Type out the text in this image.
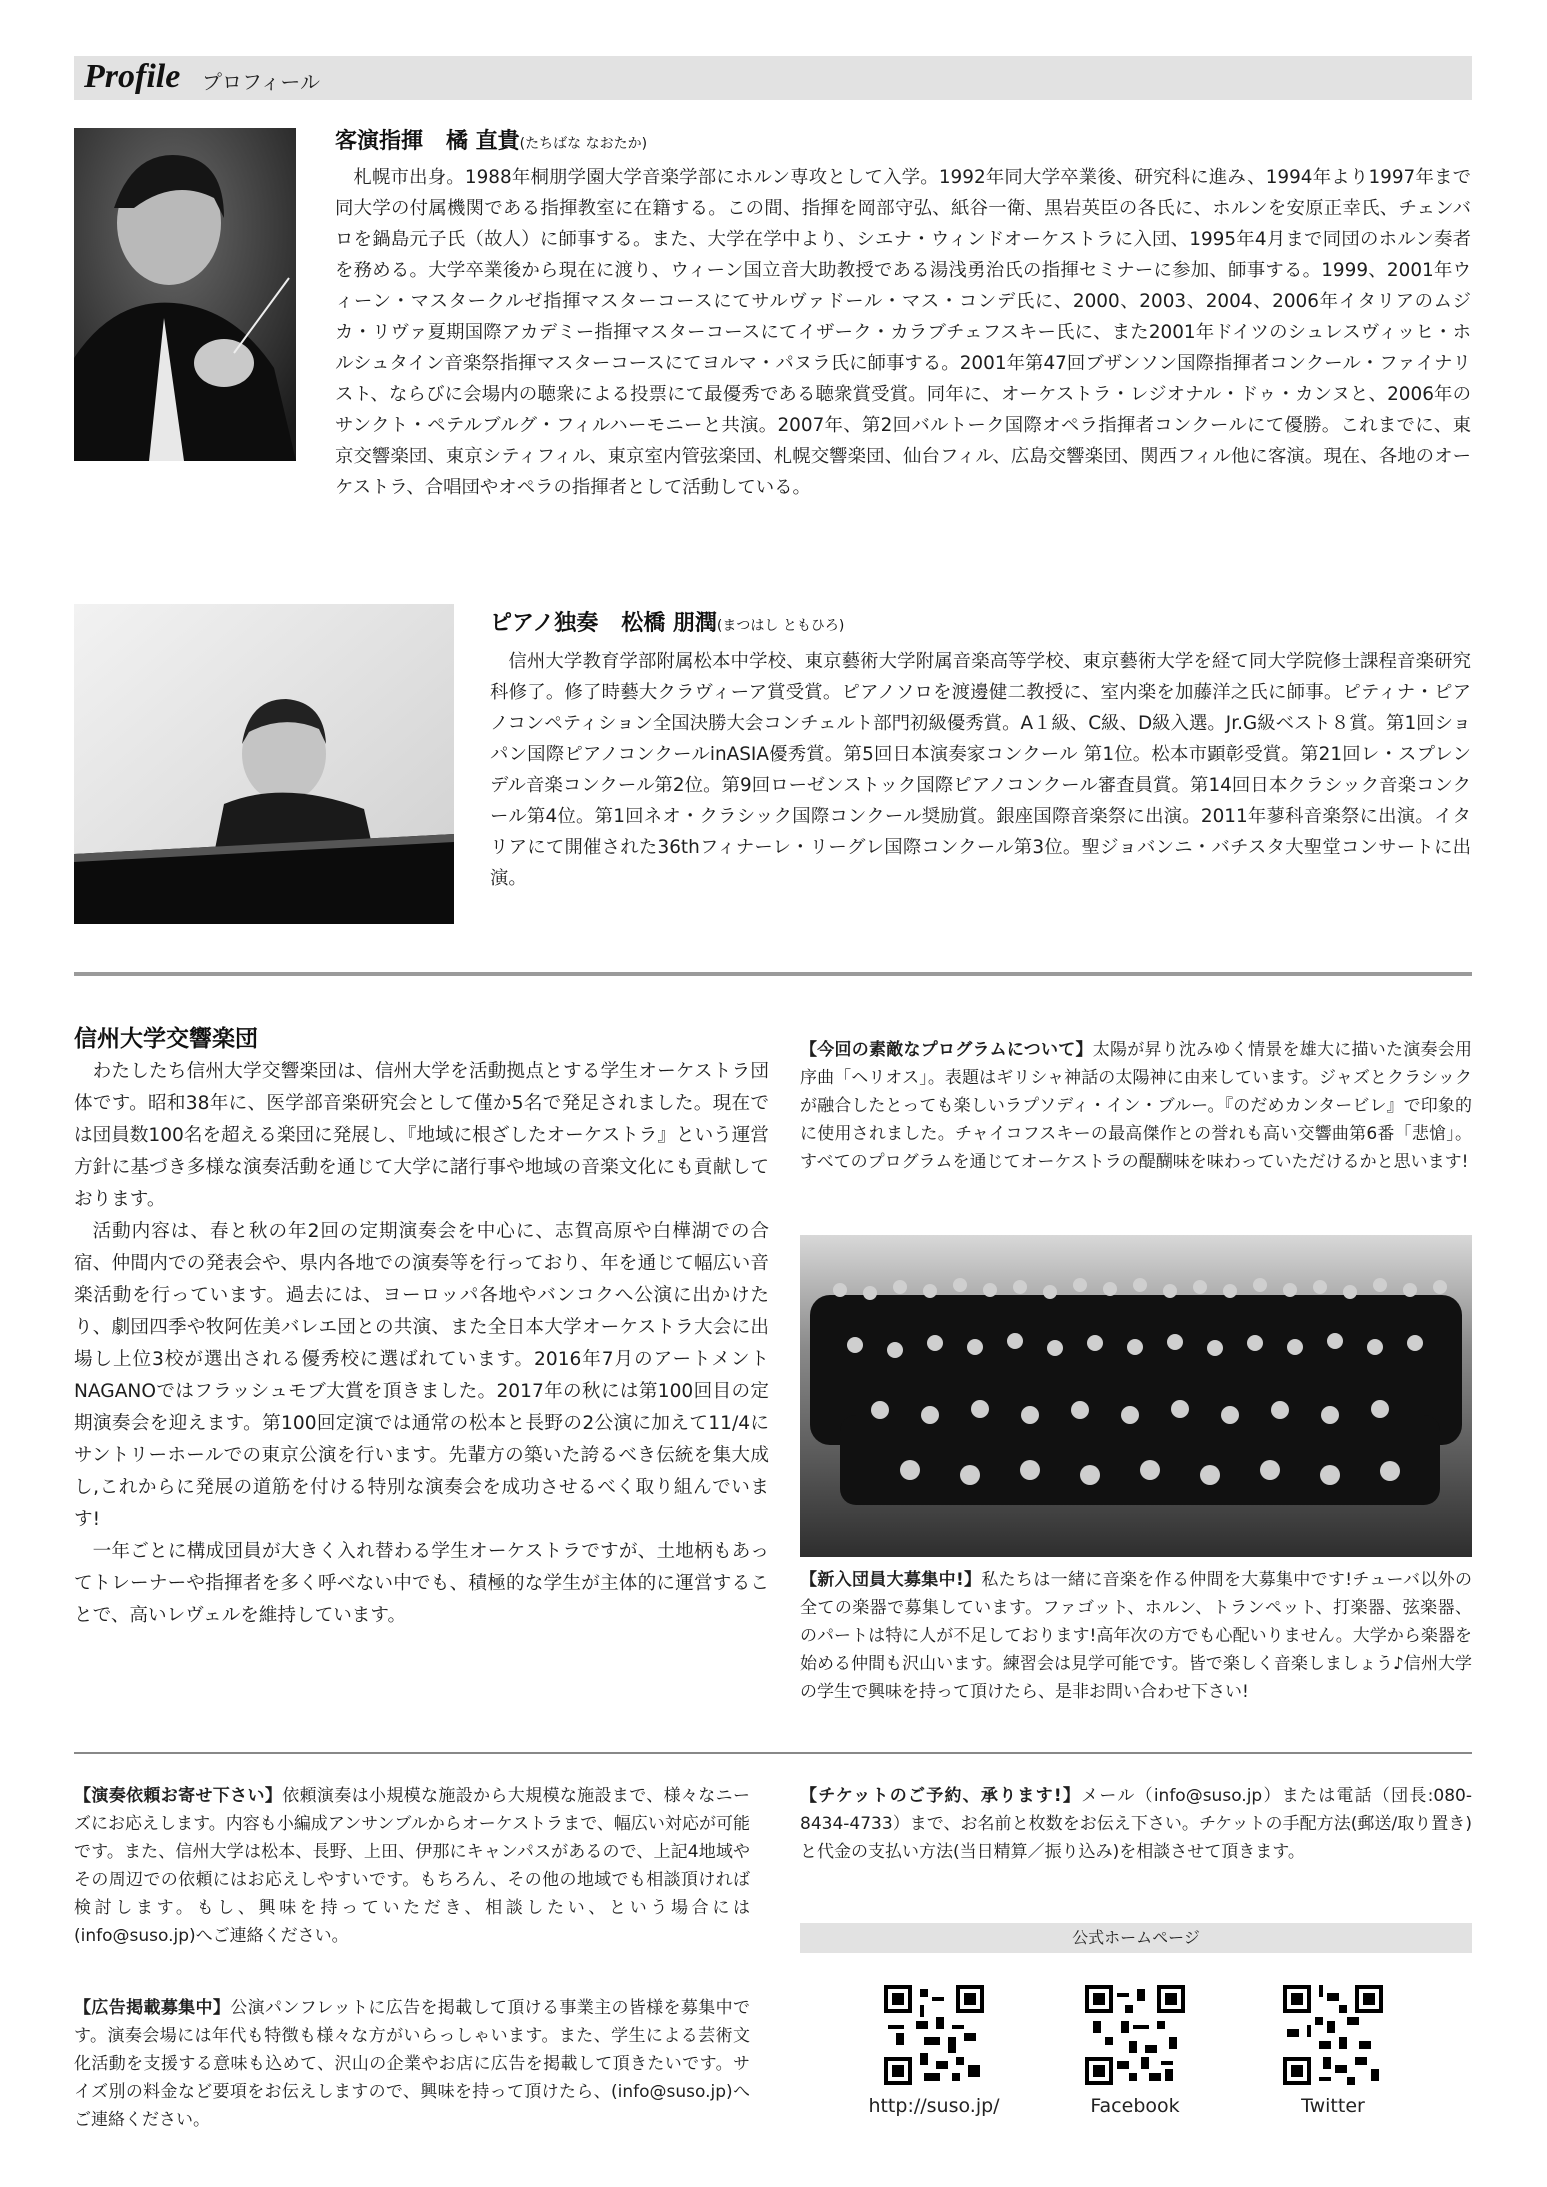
Profile プロフィール
客演指揮 橘 直貴(たちばな なおたか)
札幌市出身。1988年桐朋学園大学音楽学部にホルン専攻として入学。1992年同大学卒業後、研究科に進み、1994年より1997年まで同大学の付属機関である指揮教室に在籍する。この間、指揮を岡部守弘、紙谷一衛、黒岩英臣の各氏に、ホルンを安原正幸氏、チェンバロを鍋島元子氏（故人）に師事する。また、大学在学中より、シエナ・ウィンドオーケストラに入団、1995年4月まで同団のホルン奏者を務める。大学卒業後から現在に渡り、ウィーン国立音大助教授である湯浅勇治氏の指揮セミナーに参加、師事する。1999、2001年ウィーン・マスタークルゼ指揮マスターコースにてサルヴァドール・マス・コンデ氏に、2000、2003、2004、2006年イタリアのムジカ・リヴァ夏期国際アカデミー指揮マスターコースにてイザーク・カラブチェフスキー氏に、また2001年ドイツのシュレスヴィッヒ・ホルシュタイン音楽祭指揮マスターコースにてヨルマ・パヌラ氏に師事する。2001年第47回ブザンソン国際指揮者コンクール・ファイナリスト、ならびに会場内の聴衆による投票にて最優秀である聴衆賞受賞。同年に、オーケストラ・レジオナル・ドゥ・カンヌと、2006年のサンクト・ペテルブルグ・フィルハーモニーと共演。2007年、第2回バルトーク国際オペラ指揮者コンクールにて優勝。これまでに、東京交響楽団、東京シティフィル、東京室内管弦楽団、札幌交響楽団、仙台フィル、広島交響楽団、関西フィル他に客演。現在、各地のオーケストラ、合唱団やオペラの指揮者として活動している。
ピアノ独奏 松橋 朋潤(まつはし ともひろ)
信州大学教育学部附属松本中学校、東京藝術大学附属音楽高等学校、東京藝術大学を経て同大学院修士課程音楽研究科修了。修了時藝大クラヴィーア賞受賞。ピアノソロを渡邊健二教授に、室内楽を加藤洋之氏に師事。ピティナ・ピアノコンペティション全国決勝大会コンチェルト部門初級優秀賞。A１級、C級、D級入選。Jr.G級ベスト８賞。第1回ショパン国際ピアノコンクールinASIA優秀賞。第5回日本演奏家コンクール 第1位。松本市顕彰受賞。第21回レ・スプレンデル音楽コンクール第2位。第9回ローゼンストック国際ピアノコンクール審査員賞。第14回日本クラシック音楽コンクール第4位。第1回ネオ・クラシック国際コンクール奨励賞。銀座国際音楽祭に出演。2011年蓼科音楽祭に出演。イタリアにて開催された36thフィナーレ・リーグレ国際コンクール第3位。聖ジョバンニ・バチスタ大聖堂コンサートに出演。
信州大学交響楽団

わたしたち信州大学交響楽団は、信州大学を活動拠点とする学生オーケストラ団体です。昭和38年に、医学部音楽研究会として僅か5名で発足されました。現在では団員数100名を超える楽団に発展し、『地域に根ざしたオーケストラ』という運営方針に基づき多様な演奏活動を通じて大学に諸行事や地域の音楽文化にも貢献しております。

活動内容は、春と秋の年2回の定期演奏会を中心に、志賀高原や白樺湖での合宿、仲間内での発表会や、県内各地での演奏等を行っており、年を通じて幅広い音楽活動を行っています。過去には、ヨーロッパ各地やバンコクへ公演に出かけたり、劇団四季や牧阿佐美バレエ団との共演、また全日本大学オーケストラ大会に出場し上位3校が選出される優秀校に選ばれています。2016年7月のアートメントNAGANOではフラッシュモブ大賞を頂きました。2017年の秋には第100回目の定期演奏会を迎えます。第100回定演では通常の松本と長野の2公演に加えて11/4にサントリーホールでの東京公演を行います。先輩方の築いた誇るべき伝統を集大成し,これからに発展の道筋を付ける特別な演奏会を成功させるべく取り組んでいます!

一年ごとに構成団員が大きく入れ替わる学生オーケストラですが、土地柄もあってトレーナーや指揮者を多く呼べない中でも、積極的な学生が主体的に運営することで、高いレヴェルを維持しています。

【今回の素敵なプログラムについて】太陽が昇り沈みゆく情景を雄大に描いた演奏会用序曲「ヘリオス」。表題はギリシャ神話の太陽神に由来しています。ジャズとクラシックが融合したとっても楽しいラプソディ・イン・ブルー。『のだめカンタービレ』で印象的に使用されました。チャイコフスキーの最高傑作との誉れも高い交響曲第6番「悲愴」。すべてのプログラムを通じてオーケストラの醍醐味を味わっていただけるかと思います!

【新入団員大募集中!】私たちは一緒に音楽を作る仲間を大募集中です!チューバ以外の全ての楽器で募集しています。ファゴット、ホルン、トランペット、打楽器、弦楽器、のパートは特に人が不足しております!高年次の方でも心配いりません。大学から楽器を始める仲間も沢山います。練習会は見学可能です。皆で楽しく音楽しましょう♪信州大学の学生で興味を持って頂けたら、是非お問い合わせ下さい!

【演奏依頼お寄せ下さい】依頼演奏は小規模な施設から大規模な施設まで、様々なニーズにお応えします。内容も小編成アンサンブルからオーケストラまで、幅広い対応が可能です。また、信州大学は松本、長野、上田、伊那にキャンパスがあるので、上記4地域やその周辺での依頼にはお応えしやすいです。もちろん、その他の地域でも相談頂ければ検討します。もし、興味を持っていただき、相談したい、という場合には(info@suso.jp)へご連絡ください。

【広告掲載募集中】公演パンフレットに広告を掲載して頂ける事業主の皆様を募集中です。演奏会場には年代も特徴も様々な方がいらっしゃいます。また、学生による芸術文化活動を支援する意味も込めて、沢山の企業やお店に広告を掲載して頂きたいです。サイズ別の料金など要項をお伝えしますので、興味を持って頂けたら、(info@suso.jp)へご連絡ください。

【チケットのご予約、承ります!】メール（info@suso.jp）または電話（団長:080-8434-4733）まで、お名前と枚数をお伝え下さい。チケットの手配方法(郵送/取り置き)と代金の支払い方法(当日精算／振り込み)を相談させて頂きます。

公式ホームページ
http://suso.jp/	Facebook	Twitter
